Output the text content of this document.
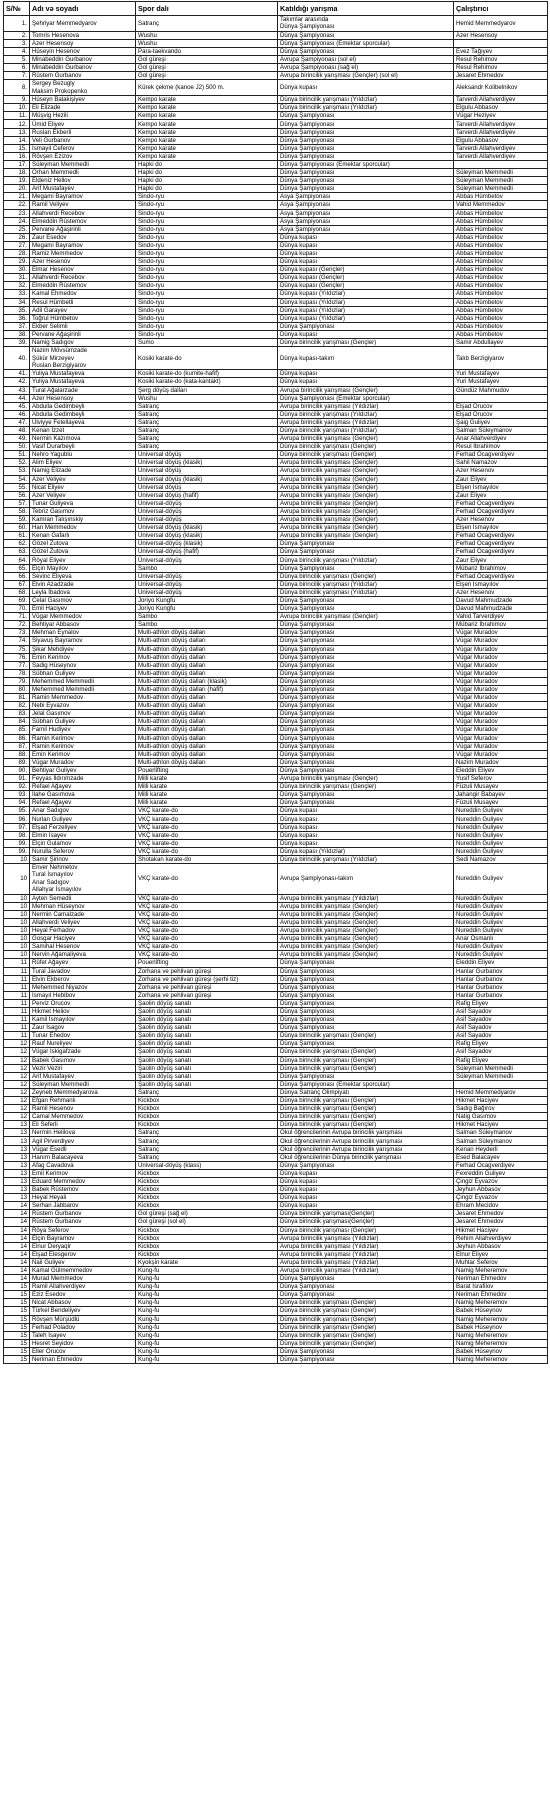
S/№	Adı və soyadı	Spor dalı	Katıldığı yarışma	Çalıştırıcı
1.	Şehriyar Memmedyarov	Satranç	Takımlar arasında
Dünya Şampiyonası	Hemid Memmedyarov
2.	Tomris Hesenova	Wushu	Dünya Şampiyonası	Azer Hesensoy
3.	Azer Hesensoy	Wushu	Dünya Şampiyonası (Emektar sporcular)	
4.	Hüseyin Hesenov	Para-taekvando	Dünya Şampiyonası	Evez Tağıyev
5.	Minabeddin Gurbanov	Gol güreşi	Avrupa Şampiyonası (sol el)	Resul Rehimov
6.	Minabeddin Gurbanov	Gol güreşi	Avrupa Şampiyonası (sağ el)	Resul Rehimov
7.	Rüstem Gurbanov	Gol güreşi	Avrupa birincilik yarışması (Gençler) (sol el)	Jesaret Ehmedov
8.	Sergey Bezugly
Maksim Prokopenko	Kürek çekme (kanoe J2) 500 m.	Dünya kupası	Aleksandr Kolibelnikov
9.	Hüseyn Balakişiyev	Kempo karate	Dünya birincilik yarışması (Yıldızlar)	Tarverdi Allahverdiyev
10.	Eli Elizade	Kempo karate	Dünya birincilik yarışması (Yıldızlar)	Elgulu Abbasov
11.	Müşvig Hezili	Kempo karate	Dünya Şampiyonası	Vügar Heziyev
12.	Ümid Eliyev	Kempo karate	Dünya Şampiyonası	Tarverdi Allahverdiyev
13.	Ruslan Ekberli	Kempo karate	Dünya Şampiyonası	Tarverdi Allahverdiyev
14.	Veli Gurbanov	Kempo karate	Dünya Şampiyonası	Elgulu Abbasov
15.	İsmayıl Ceferov	Kempo karate	Dünya Şampiyonası	Tarverdi Allahverdiyev
16.	Rövşen Ezizov	Kempo karate	Dünya Şampiyonası	Tarverdi Allahverdiyev
17.	Süleyman Memmedli	Hapki do	Dünya Şampiyonası (Emektar sporcular)	
18.	Orhan Memmedli	Hapki do	Dünya Şampiyonası	Süleyman Memmedli
19.	Eldeniz Hellov	Hapki do	Dünya Şampiyonası	Süleyman Memmedli
20.	Arif Mustafayev	Hapki do	Dünya Şampiyonası	Süleyman Memmedli
21.	Megami Bayramov	Sindo-ryu	Asya Şampiyonası	Abbas Hümbetov
22.	Ramil Veliyev	Sindo-ryu	Asya Şampiyonası	Vahid Memmedov
23.	Allahverdi Recebov	Sindo-ryu	Asya Şampiyonası	Abbas Hümbetov
24.	Elmeddin Rüstemov	Sindo-ryu	Asya Şampiyonası	Abbas Hümbetov
25.	Pervane Ağaşirinli	Sindo-ryu	Asya Şampiyonası	Abbas Hümbetov
26.	Zaur Esedov	Sindo-ryu	Dünya kupası	Abbas Hümbetov
27.	Megami Bayramov	Sindo-ryu	Dünya kupası	Abbas Hümbetov
28.	Ramiz Memmedov	Sindo-ryu	Dünya kupası	Abbas Hümbetov
29.	Azer Hesenov	Sindo-ryu	Dünya kupası	Abbas Hümbetov
30.	Elmar Hesenov	Sindo-ryu	Dünya kupası (Gençler)	Abbas Hümbetov
31.	Allahverdi Recebov	Sindo-ryu	Dünya kupası (Gençler)	Abbas Hümbetov
32.	Elmeddin Rüstemov	Sindo-ryu	Dünya kupası (Gençler)	Abbas Hümbetov
33.	Kamal Ehmedov	Sindo-ryu	Dünya kupası (Yıldızlar)	Abbas Hümbetov
34.	Resul Hümbetli	Sindo-ryu	Dünya kupası (Yıldızlar)	Abbas Hümbetov
35.	Adil Garayev	Sindo-ryu	Dünya kupası (Yıldızlar)	Abbas Hümbetov
36.	Toğrul Hümbetov	Sindo-ryu	Dünya kupası (Yıldızlar)	Abbas Hümbetov
37.	Ekber Selimli	Sindo-ryu	Dünya Şampiyonası	Abbas Hümbetov
38.	Pervane Ağaşirinli	Sindo-ryu	Dünya kupası	Abbas Hümbetov
39.	Namig Sadıgov	Sumo	Dünya birincilik yarışması (Gençler)	Samir Abdullayev
40.	Nazim Mövsümzade
Şükür Mirzeyev
Ruslan Berzigiyarov	Kosiki karate-do	Dünya kupası-takım	Talıb Berzigiyarov
41.	Yuliya Mustafayeva	Kosiki karate-do (kumite-hafif)	Dünya kupası	Yuri Mustafayev
42.	Yuliya Mustafayeva	Kosiki karate-do (kata-kantakt)	Dünya kupası	Yuri Mustafayev
43.	Tural Ağalarzade	Şerg döyüş dalları	Avrupa birincilik yarışması (Gençler)	Gündüz Mahmudov
44.	Azer Hesensoy	Wushu	Dünya Şampiyonası (Emektar sporcular)	
45.	Abdulla Gedimbeyli	Satranç	Avrupa birincilik yarışması (Yıldızlar)	Elşad Orucov
46.	Abdulla Gedimbeyli	Satranç	Dünya birincilik yarışması (Yıldızlar)	Elşad Orucov
47.	Ülviyye Fetellayeva	Satranç	Avrupa birincilik yarışması (Yıldızlar)	Şaig Guliyev
48.	Kenan İzzet	Satranç	Dünya birincilik yarışması (Yıldızlar)	Salman Süleymanov
49.	Nermin Kazımova	Satranç	Avrupa birincilik yarışması (Gençler)	Anar Allahverdiyev
50.	Vasif Durarbeyli	Satranç	Dünya birincilik yarışması (Gençler)	Resul Ibrahimov
51.	Nehro Yagublu	Üniversal döyüş	Dünya birincilik yarışması (Gençler)	Ferhad Ocagverdiyev
52.	Alim Eliyev	Üniversal döyüş (klasik)	Avrupa birincilik yarışması (Gençler)	Sahil Namazov
53.	Namig Elizade	Üniversal döyüş	Avrupa birincilik yarışması (Gençler)	Azer Hesenov
54.	Azer Veliyev	Üniversal döyüş (klasik)	Avrupa birincilik yarışması (Gençler)	Zaur Eliyev
55.	Nicat Eliyev	Üniversal döyüş	Avrupa birincilik yarışması (Gençler)	Elşen İsmayılov
56.	Azer Veliyev	Üniversal döyüş (hafif)	Avrupa birincilik yarışması (Gençler)	Zaur Eliyev
57.	Tunar Guliyeva	Üniversal-döyüş	Avrupa birincilik yarışması (Gençler)	Ferhad Ocagverdiyev
58.	Tebriz Gasımov	Üniversal-döyüş	Avrupa birincilik yarışması (Gençler)	Ferhad Ocagverdiyev
59.	Kamran Talışınskiy	Üniversal-döyüş	Avrupa birincilik yarışması (Gençler)	Azer Hesenov
60.	Han Memmedov	Üniversal döyüş (klasik)	Avrupa birincilik yarışması (Gençler)	Elşen İsmayılov
61.	Kenan Gafarlı	Üniversal döyüş (klasik)	Avrupa birincilik yarışması (Gençler)	Ferhad Ocagverdiyev
62.	Gözel Zutova	Üniversal-döyüş (klasik)	Dünya Şampiyonası	Ferhad Ocagverdiyev
63.	Gözel Zutova	Üniversal-döyüş (hafif)	Dünya Şampiyonası	Ferhad Ocagverdiyev
64.	Röyal Eliyev	Üniversal-döyüş	Dünya birincilik yarışması (Yıldızlar)	Zaur Eliyev
65.	Elçin Mayılov	Sambo	Dünya Şampiyonası	Mübariz İbrahimov
66.	Sevinc Eliyeva	Üniversal-döyüş	Dünya birincilik yarışması (Gençler)	Ferhad Ocagverdiyev
67.	Elvin Azadzade	Üniversal-döyüş	Dünya birincilik yarışması (Yıldızlar)	Elşen İsmayılov
68.	Leyla İbadova	Üniversal-döyüş	Dünya birincilik yarışması (Yıldızlar)	Azer Hesenov
69.	Celal Gasımov	Joriyo Kungfu	Dünya Şampiyonası	Davud Mahmudzade
70.	Emil Haciyev	Joriyo Kungfu	Dünya Şampiyonası	Davud Mahmudzade
71.	Vügar Memmedov	Sambo	Avrupa birincilik yarışması (Gençler)	Vahid Tarverdiyev
72.	Behtiyar Abbasov	Sambo	Dünya Şampiyonası	Mübariz İbrahimov
73.	Mehman Eynalov	Multi-athlon döyüş dalları	Dünya Şampiyonası	Vügar Muradov
74.	Siyavuş Bayramov	Multi-athlon döyüş dalları	Dünya Şampiyonası	Vügar Muradov
75.	Şikar Mehdiyev	Multi-athlon döyüş dalları	Dünya Şampiyonası	Vügar Muradov
76.	Emin Kerimov	Multi-athlon döyüş dalları	Dünya Şampiyonası	Vügar Muradov
77.	Sadig Hüseynov	Multi-athlon döyüş dalları	Dünya Şampiyonası	Vügar Muradov
78.	Sübhan Guliyev	Multi-athlon döyüş dalları	Dünya Şampiyonası	Vügar Muradov
79.	Mehemmed Memmedli	Multi-athlon döyüş dalları (klasik)	Dünya Şampiyonası	Vügar Muradov
80.	Mehemmed Memmedli	Multi-athlon döyüş dalları (hafif)	Dünya Şampiyonası	Vügar Muradov
81.	Ramin Memmedov	Multi-athlon döyüş dalları	Dünya Şampiyonası	Vügar Muradov
82.	Nebi Eyvazov	Multi-athlon döyüş dalları	Dünya Şampiyonası	Vügar Muradov
83.	Jelal Gasımov	Multi-athlon döyüş dalları	Dünya Şampiyonası	Vügar Muradov
84.	Sübhan Guliyev	Multi-athlon döyüş dalları	Dünya Şampiyonası	Vügar Muradov
85.	Famil Hudiyev	Multi-athlon döyüş dalları	Dünya Şampiyonası	Vügar Muradov
86.	Ramin Kerimov	Multi-athlon döyüş dalları	Dünya Şampiyonası	Vügar Muradov
87.	Ramin Kerimov	Multi-athlon döyüş dalları	Dünya Şampiyonası	Vügar Muradov
88.	Emin Kerimov	Multi-athlon döyüş dalları	Dünya Şampiyonası	Vügar Muradov
89.	Vügar Muradov	Multi-athlon döyüş dalları	Dünya Şampiyonası	Nazim Muradov
90.	Behtiyar Guliyev	Pouerlifting	Dünya Şampiyonası	Eleddin Eliyev
91.	Feyyas İldırımzade	Milli karate	Avrupa birincilik yarışması (Gençler)	Yusif Seferov
92.	Refael Ağayev	Milli karate	Dünya birincilik yarışması (Gençler)	Füzuli Musayev
93.	İlahe Gasımova	Milli karate	Dünya Şampiyonası	Jahangir Babayev
94.	Refael Ağayev	Milli karate	Dünya Şampiyonası	Füzuli Musayev
95.	Anar Sadıgov	VKÇ karate-do	Dünya kupası	Nureddin Guliyev
96.	Nurlan Guliyev	VKÇ karate-do	Dünya kupası	Nureddin Guliyev
97.	Elşad Ferzeliyev	VKÇ karate-do	Dünya kupası	Nureddin Guliyev
98.	Elmin İsayev	VKÇ karate-do	Dünya kupası	Nureddin Guliyev
99.	Elçin Gulamov	VKÇ karate-do	Dünya kupası	Nureddin Guliyev
99.	Nurulla Seferov	VKÇ karate-do	Dünya kupası (Yıldızlar)	Nureddin Guliyev
10	Samir Şirinov	Shotakan karate-do	Dünya birincilik yarışması (Yıldızlar)	Sedi Namazov
10	Enver Nehmetov
Tural İsmayılov
Anar Sadıgov
Allahyar İsmayılov	VKÇ karate-do	Avrupa Şampiyonası-takım	Nureddin Guliyev
10	Ayten Semedli	VKÇ karate-do	Avrupa birincilik yarışması (Yıldızlar)	Nureddin Guliyev
10	Mehman Hüseynov	VKÇ karate-do	Avrupa birincilik yarışması (Gençler)	Nureddin Guliyev
10	Nermin Camalzade	VKÇ karate-do	Avrupa birincilik yarışması (Gençler)	Nureddin Guliyev
10	Allahverdi Veliyev	VKÇ karate-do	Avrupa birincilik yarışması (Gençler)	Nureddin Guliyev
10	Heyal Ferhadov	VKÇ karate-do	Avrupa birincilik yarışması (Gençler)	Nureddin Guliyev
10	Gosgar Haciyev	VKÇ karate-do	Avrupa birincilik yarışması (Gençler)	Anar Osmanlı
10	Samihal Hesenov	VKÇ karate-do	Avrupa birincilik yarışması (Gençler)	Nureddin Guliyev
10	Nervin Ağamaliyeva	VKÇ karate-do	Avrupa birincilik yarışması (Gençler)	Nureddin Guliyev
11	Rüfet Ağayev	Pouerlifting	Dünya Şampiyonası	Eleddin Eliyev
11	Tural Javadov	Zorhana ve pehlivan güreşi	Dünya Şampiyonası	Hanlar Gurbanov
11	Elvin Ekberov	Zorhana ve pehlivan güreşi (şerhi tiz)	Dünya Şampiyonası	Hanlar Gurbanov
11	Mehemmed Niyazov	Zorhana ve pehlivan güreşi	Dünya Şampiyonası	Hanlar Gurbanov
11	İsmayıl Hebibov	Zorhana ve pehlivan güreşi	Dünya Şampiyonası	Hanlar Gurbanov
11	Perviz Orucov	Şaolin döyüş sanatı	Dünya Şampiyonası	Rafig Eliyev
11	Hikmet Heliov	Şaolin döyüş sanatı	Dünya Şampiyonası	Asif Sayadov
11	Kamil İsmayılov	Şaolin döyüş sanatı	Dünya Şampiyonası	Asif Sayadov
11	Zaur Isagov	Şaolin döyüş sanatı	Dünya Şampiyonası	Asif Sayadov
11	Tunar Ehedov	Şaolin döyüş sanatı	Dünya birincilik yarışması (Gençler)	Asif Sayadov
12	Rauf Nureliyev	Şaolin döyüş sanatı	Dünya Şampiyonası	Rafig Eliyev
12	Vügar İskigafzade	Şaolin döyüş sanatı	Dünya birincilik yarışması (Gençler)	Asif Sayadov
12	Babek Gasımov	Şaolin döyüş sanatı	Dünya birincilik yarışması (Gençler)	Rafig Eliyev
12	Vezir Veziri	Şaolin döyüş sanatı	Dünya birincilik yarışması (Gençler)	Süleyman Memmedli
12	Arif Mustafayev	Şaolin döyüş sanatı	Dünya Şampiyonası	Süleyman Memmedli
12	Süleyman Memmedli	Şaolin döyüş sanatı	Dünya Şampiyonası (Emektar sporcular)	
12	Zeyneb Memmedyarova	Satranç	Dünya Satranç Olimpiyatı	Hemid Memmedyarov
12	Efgan Rehmanlı	Kickbox	Dünya birincilik yarışması (Gençler)	Hikmet Haciyev
12	Ramil Hesenov	Kickbox	Dünya birincilik yarışması (Gençler)	Sadıg Bağırov
12	Camal Memmedov	Kickbox	Dünya birincilik yarışması (Gençler)	Natig Gasımov
13	Eli Seferli	Kickbox	Dünya birincilik yarışması (Gençler)	Hikmet Haciyev
13	Nermin Helilova	Satranç	Okul öğrencilerinin Avrupa birincilik yarışması	Salman Süleymanov
13	Agil Pirverdiyev	Satranç	Okul öğrencilerinin Avrupa birincilik yarışması	Salman Süleymanov
13	Vügar Esedli	Satranç	Okul öğrencilerinin Avrupa birincilik yarışması	Kenan Heyderli
13	Hanım Balacayeva	Satranç	Okul öğrencilerinin Dünya birincilik yarışması	Esed Balacayev
13	Afag Cavadova	Üniversal-döyüş (klass)	Dünya Şampiyonası	Ferhad Ocagverdiyev
13	Emil Kerimov	Kickbox	Dünya kupası	Fexreddin Guliyev
13	Eduard Memmedov	Kickbox	Dünya kupası	Çingiz Eyvazov
13	Babek Rüstemov	Kickbox	Dünya kupası	Jeyhun Abbasov
13	Heyal Heyali	Kickbox	Dünya kupası	Çingiz Eyvazov
14	Serhan Jabbarov	Kickbox	Dünya kupası	Ehram Mecidov
14	Rüstem Gurbanov	Gol güreşi (sağ el)	Dünya birincilik yarışması(Gençler)	Jesaret Ehmedov
14	Rüstem Gurbanov	Gol güreşi (sol el)	Dünya birincilik yarışması(Gençler)	Jesaret Ehmedov
14	Röya Seferov	Kickbox	Dünya birincilik yarışması (Gençler)	Hikmet Haciyev
14	Elçin Bayramov	Kickbox	Avrupa birincilik yarışması (Yıldızlar)	Rehim Allahverdiyev
14	Elnur Deryaqir	Kickbox	Avrupa birincilik yarışması (Yıldızlar)	Jeyhun Abbasov
14	Elşad Elesgerov	Kickbox	Avrupa birincilik yarışması (Yıldızlar)	Elnur Eliyev
14	Nail Guliyev	Kyokşin karate	Avrupa birincilik yarışması (Yıldızlar)	Muhtar Seferov
14	Kamal Gülmemmedov	Kung-fu	Avrupa birincilik yarışması (Yıldızlar)	Namig Meheremov
14	Murad Memmedov	Kung-fu	Dünya Şampiyonası	Neriman Ehmedov
15	Ramil Allahverdiyev	Kung-fu	Dünya Şampiyonası	Barat İsrafilov
15	Eziz Esedov	Kung-fu	Dünya Şampiyonası	Neriman Ehmedov
15	Nicat Abbasov	Kung-fu	Dünya birincilik yarışması (Gençler)	Namig Meheremov
15	Türkel Bendeliyev	Kung-fu	Dünya birincilik yarışması (Gençler)	Babek Hüseynov
15	Rövşen Mürşüdlü	Kung-fu	Dünya birincilik yarışması (Gençler)	Namig Meheremov
15	Ferhad Poladov	Kung-fu	Dünya birincilik yarışması (Gençler)	Babek Hüseynov
15	Taleh İsayev	Kung-fu	Dünya birincilik yarışması (Gençler)	Namig Meheremov
15	Hesret Seyidov	Kung-fu	Dünya birincilik yarışması (Gençler)	Namig Meheremov
15	Eller Orucov	Kung-fu	Dünya Şampiyonası	Babek Hüseynov
15	Neriman Ehmedov	Kung-fu	Dünya Şampiyonası	Namig Meheremov
